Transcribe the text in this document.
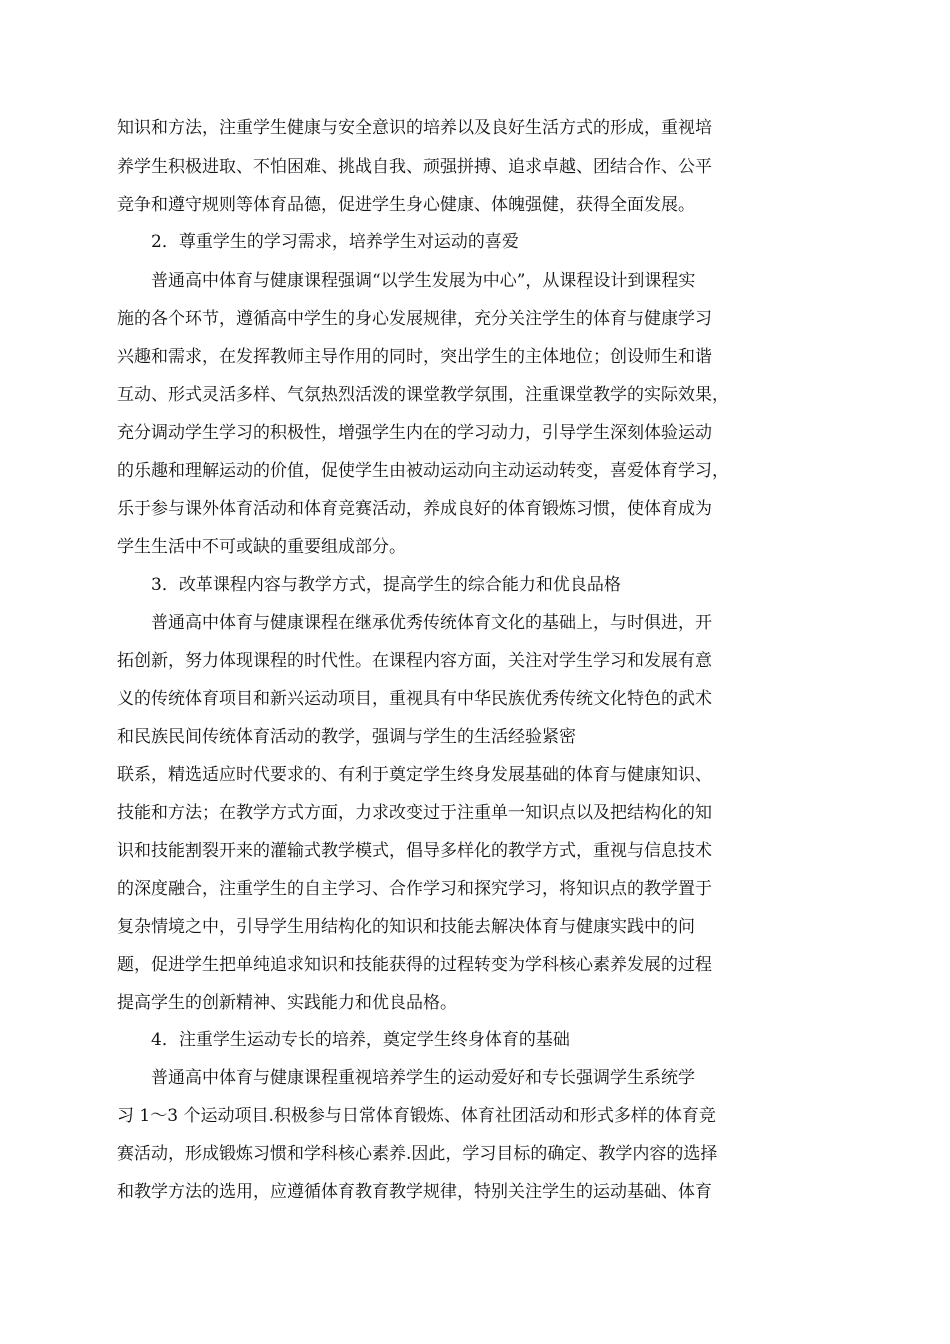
知识和方法，注重学生健康与安全意识的培养以及良好生活方式的形成，重视培
养学生积极进取、不怕困难、挑战自我、顽强拼搏、追求卓越、团结合作、公平
竞争和遵守规则等体育品德，促进学生身心健康、体魄强健，获得全面发展。
2．尊重学生的学习需求，培养学生对运动的喜爱
普通高中体育与健康课程强调“以学生发展为中心”，从课程设计到课程实
施的各个环节，遵循高中学生的身心发展规律，充分关注学生的体育与健康学习
兴趣和需求，在发挥教师主导作用的同时，突出学生的主体地位；创设师生和谐
互动、形式灵活多样、气氛热烈活泼的课堂教学氛围，注重课堂教学的实际效果，
充分调动学生学习的积极性，增强学生内在的学习动力，引导学生深刻体验运动
的乐趣和理解运动的价值，促使学生由被动运动向主动运动转变，喜爱体育学习，
乐于参与课外体育活动和体育竞赛活动，养成良好的体育锻炼习惯，使体育成为
学生生活中不可或缺的重要组成部分。
3．改革课程内容与教学方式，提高学生的综合能力和优良品格
普通高中体育与健康课程在继承优秀传统体育文化的基础上，与时俱进，开
拓创新，努力体现课程的时代性。在课程内容方面，关注对学生学习和发展有意
义的传统体育项目和新兴运动项目，重视具有中华民族优秀传统文化特色的武术
和民族民间传统体育活动的教学，强调与学生的生活经验紧密
联系，精选适应时代要求的、有利于奠定学生终身发展基础的体育与健康知识、
技能和方法；在教学方式方面，力求改变过于注重单一知识点以及把结构化的知
识和技能割裂开来的灌输式教学模式，倡导多样化的教学方式，重视与信息技术
的深度融合，注重学生的自主学习、合作学习和探究学习，将知识点的教学置于
复杂情境之中，引导学生用结构化的知识和技能去解决体育与健康实践中的问
题，促进学生把单纯追求知识和技能获得的过程转变为学科核心素养发展的过程
提高学生的创新精神、实践能力和优良品格。
4．注重学生运动专长的培养，奠定学生终身体育的基础
普通高中体育与健康课程重视培养学生的运动爱好和专长强调学生系统学
习 1～3 个运动项目.积极参与日常体育锻炼、体育社团活动和形式多样的体育竞
赛活动，形成锻炼习惯和学科核心素养.因此，学习目标的确定、教学内容的选择
和教学方法的选用，应遵循体育教育教学规律，特别关注学生的运动基础、体育
